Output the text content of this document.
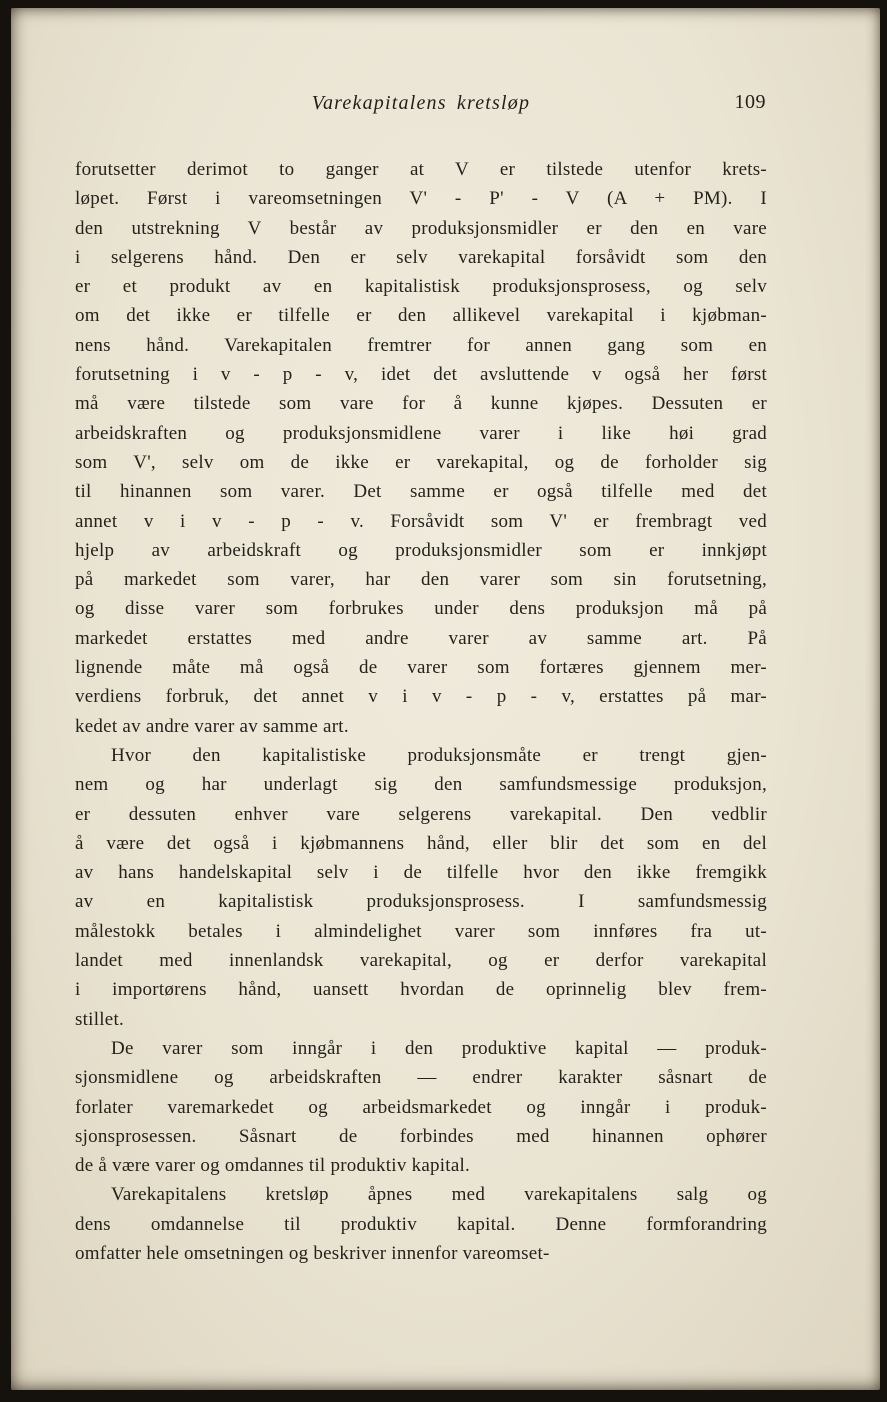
Varekapitalens kretsløp	109
forutsetter derimot to ganger at V er tilstede utenfor krets-
løpet. Først i vareomsetningen V' - P' - V (A + PM). I
den utstrekning V består av produksjonsmidler er den en vare
i selgerens hånd. Den er selv varekapital forsåvidt som den
er et produkt av en kapitalistisk produksjonsprosess, og selv
om det ikke er tilfelle er den allikevel varekapital i kjøbman-
nens hånd. Varekapitalen fremtrer for annen gang som en
forutsetning i v - p - v, idet det avsluttende v også her først
må være tilstede som vare for å kunne kjøpes. Dessuten er
arbeidskraften og produksjonsmidlene varer i like høi grad
som V', selv om de ikke er varekapital, og de forholder sig
til hinannen som varer. Det samme er også tilfelle med det
annet v i v - p - v. Forsåvidt som V' er frembragt ved
hjelp av arbeidskraft og produksjonsmidler som er innkjøpt
på markedet som varer, har den varer som sin forutsetning,
og disse varer som forbrukes under dens produksjon må på
markedet erstattes med andre varer av samme art. På
lignende måte må også de varer som fortæres gjennem mer-
verdiens forbruk, det annet v i v - p - v, erstattes på mar-
kedet av andre varer av samme art.
Hvor den kapitalistiske produksjonsmåte er trengt gjen-
nem og har underlagt sig den samfundsmessige produksjon,
er dessuten enhver vare selgerens varekapital. Den vedblir
å være det også i kjøbmannens hånd, eller blir det som en del
av hans handelskapital selv i de tilfelle hvor den ikke fremgikk
av en kapitalistisk produksjonsprosess. I samfundsmessig
målestokk betales i almindelighet varer som innføres fra ut-
landet med innenlandsk varekapital, og er derfor varekapital
i importørens hånd, uansett hvordan de oprinnelig blev frem-
stillet.
De varer som inngår i den produktive kapital — produk-
sjonsmidlene og arbeidskraften — endrer karakter såsnart de
forlater varemarkedet og arbeidsmarkedet og inngår i produk-
sjonsprosessen. Såsnart de forbindes med hinannen ophører
de å være varer og omdannes til produktiv kapital.
Varekapitalens kretsløp åpnes med varekapitalens salg og
dens omdannelse til produktiv kapital. Denne formforandring
omfatter hele omsetningen og beskriver innenfor vareomset-
